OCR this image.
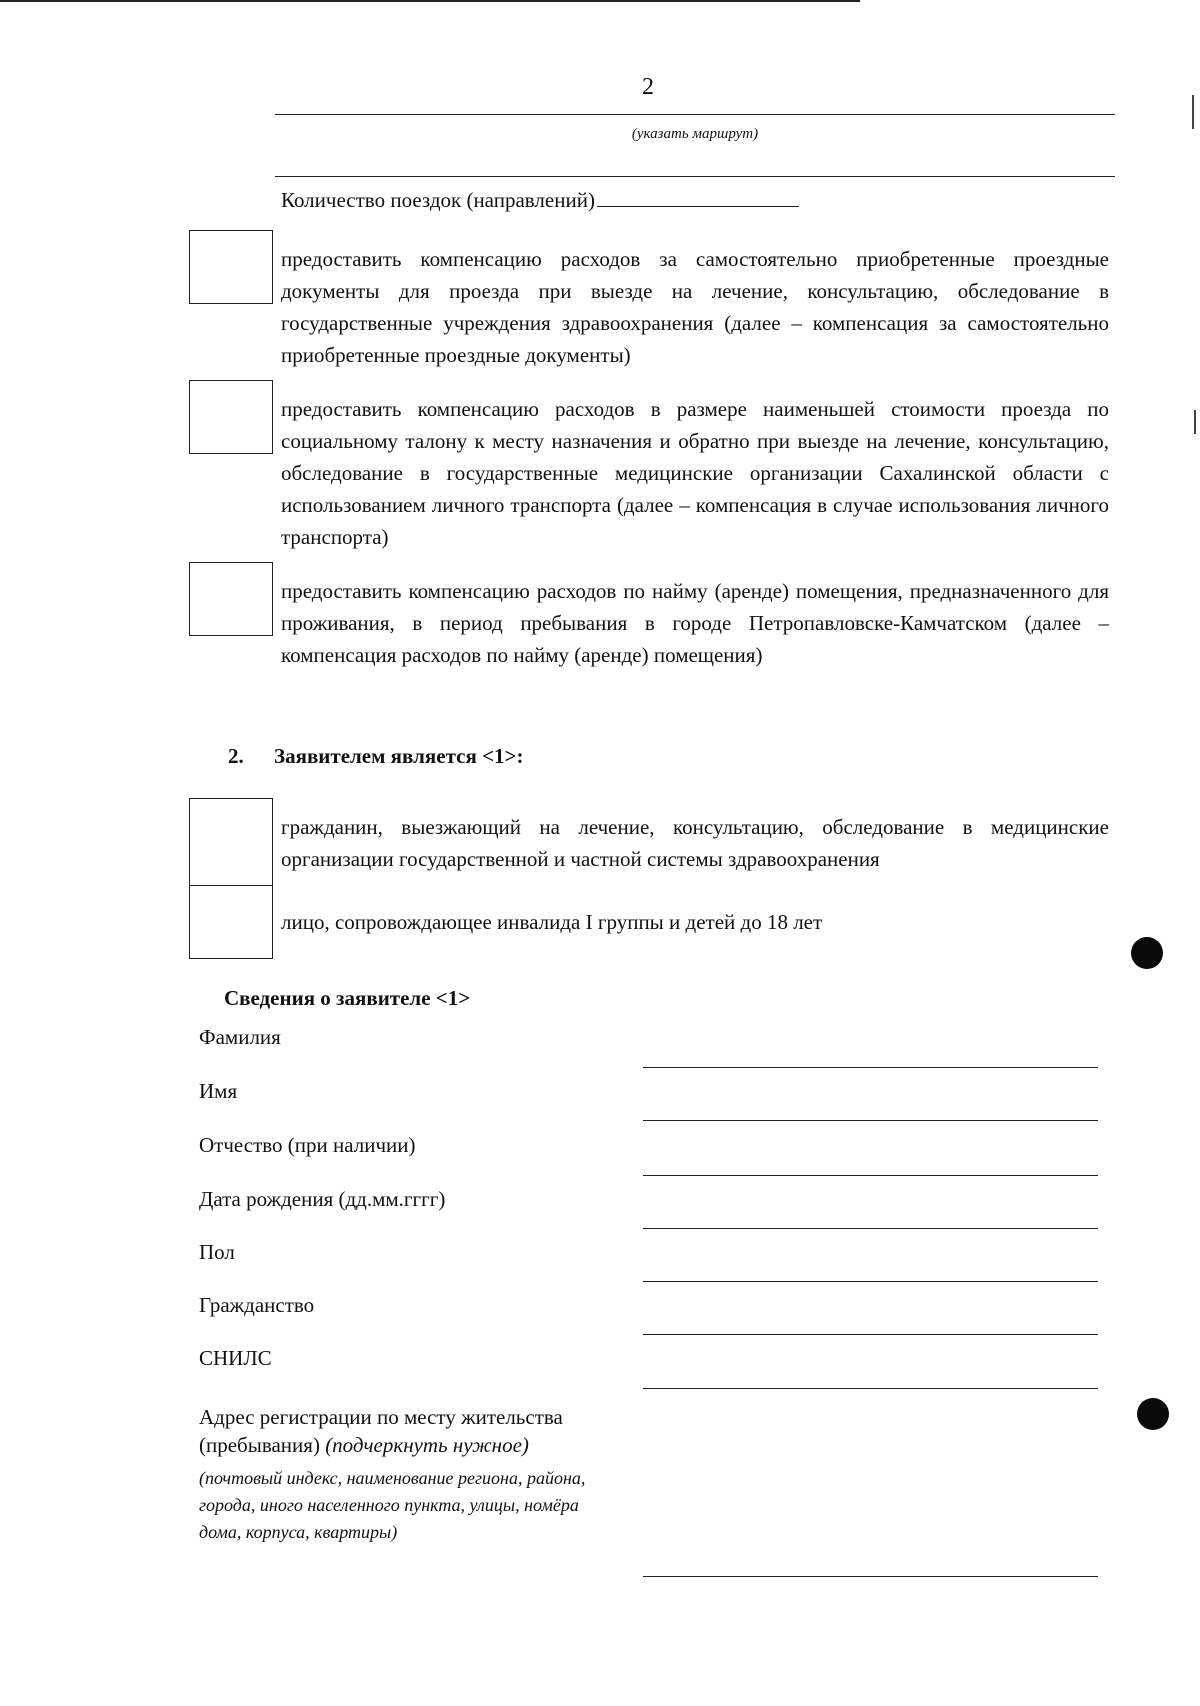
2
(указать маршрут)
Количество поездок (направлений)
предоставить компенсацию расходов за самостоятельно приобретенные проездные документы для проезда при выезде на лечение, консультацию, обследование в государственные учреждения здравоохранения (далее – компенсация за самостоятельно приобретенные проездные документы)
предоставить компенсацию расходов в размере наименьшей стоимости проезда по социальному талону к месту назначения и обратно при выезде на лечение, консультацию, обследование в государственные медицинские организации Сахалинской области с использованием личного транспорта (далее – компенсация в случае использования личного транспорта)
предоставить компенсацию расходов по найму (аренде) помещения, предназначенного для проживания, в период пребывания в городе Петропавловске-Камчатском (далее – компенсация расходов по найму (аренде) помещения)
2. Заявителем является <1>:
гражданин, выезжающий на лечение, консультацию, обследование в медицинские организации государственной и частной системы здравоохранения
лицо, сопровождающее инвалида I группы и детей до 18 лет
Сведения о заявителе <1>
Фамилия
Имя
Отчество (при наличии)
Дата рождения (дд.мм.гггг)
Пол
Гражданство
СНИЛС
Адрес регистрации по месту жительства
(пребывания) (подчеркнуть нужное)
(почтовый индекс, наименование региона, района, города, иного населенного пункта, улицы, номёра дома, корпуса, квартиры)
